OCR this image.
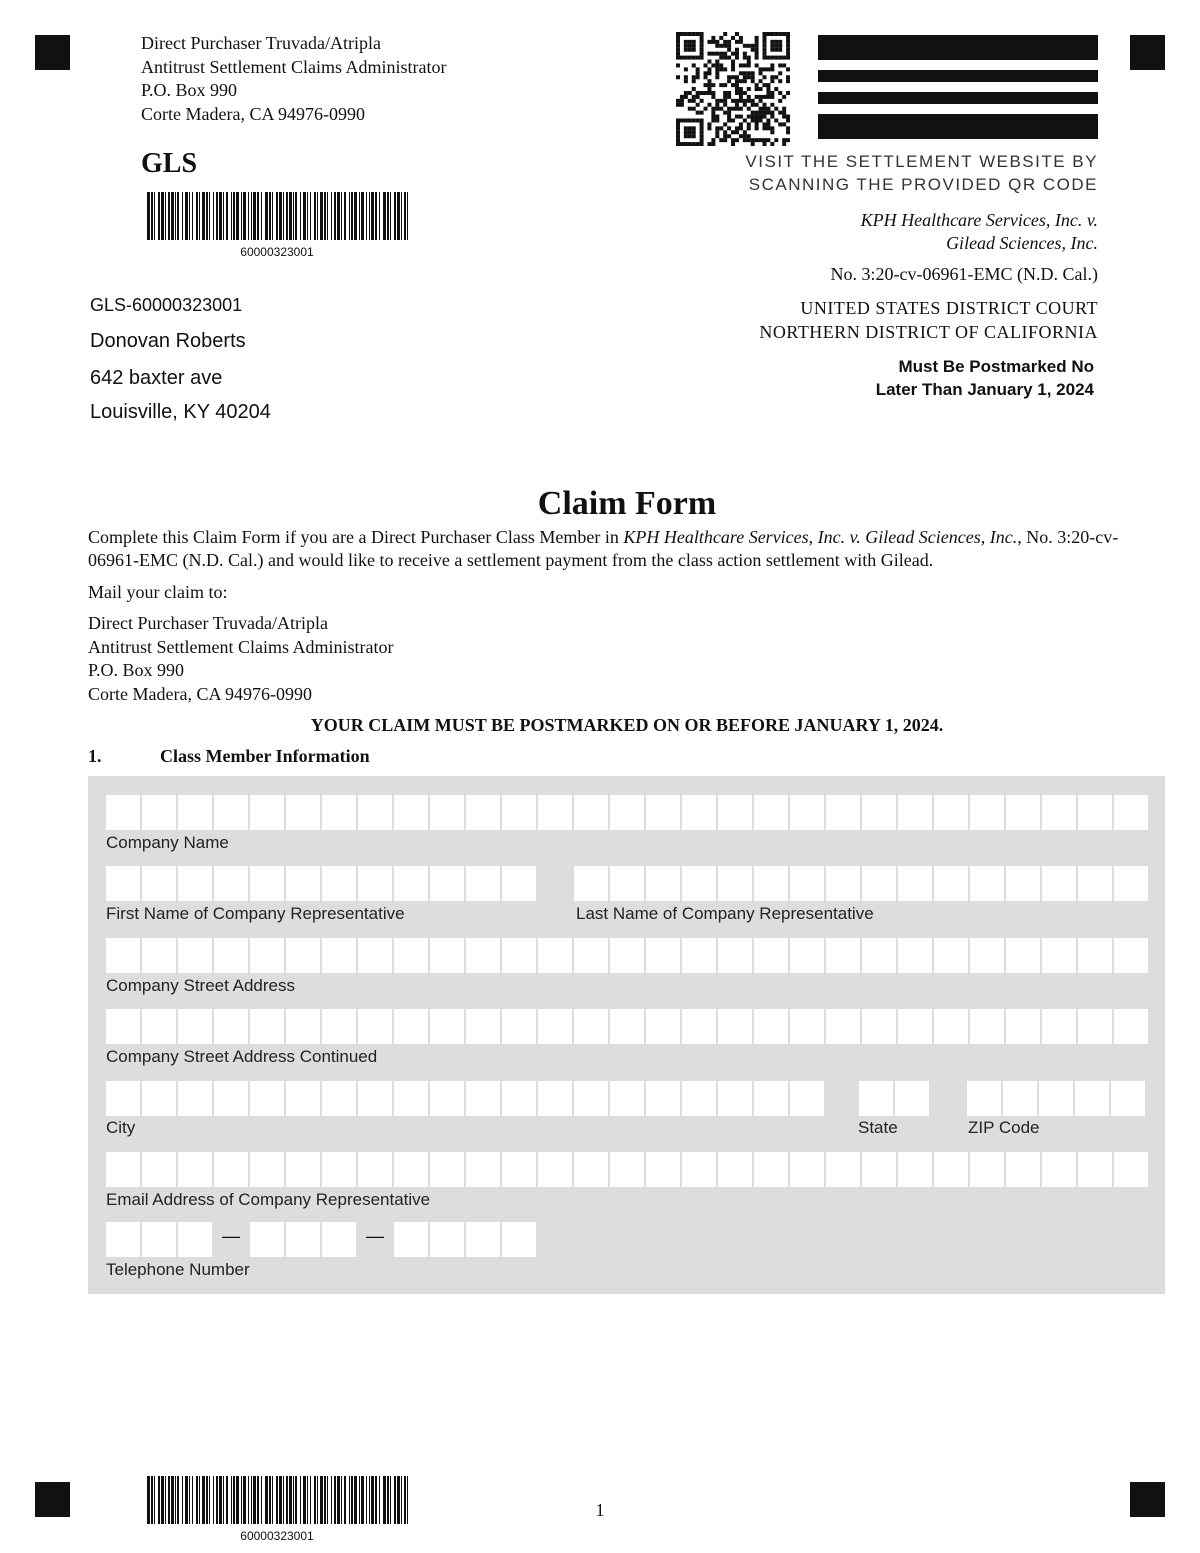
Direct Purchaser Truvada/Atripla
Antitrust Settlement Claims Administrator
P.O. Box 990
Corte Madera, CA 94976-0990
GLS
60000323001
VISIT THE SETTLEMENT WEBSITE BY
SCANNING THE PROVIDED QR CODE
KPH Healthcare Services, Inc. v.
Gilead Sciences, Inc.
No. 3:20-cv-06961-EMC (N.D. Cal.)
UNITED STATES DISTRICT COURT
NORTHERN DISTRICT OF CALIFORNIA
Must Be Postmarked No
Later Than January 1, 2024
GLS-60000323001
Donovan Roberts
642 baxter ave
Louisville, KY 40204
Claim Form
Complete this Claim Form if you are a Direct Purchaser Class Member in KPH Healthcare Services, Inc. v. Gilead Sciences, Inc., No. 3:20-cv-06961-EMC (N.D. Cal.) and would like to receive a settlement payment from the class action settlement with Gilead.
Mail your claim to:
Direct Purchaser Truvada/Atripla
Antitrust Settlement Claims Administrator
P.O. Box 990
Corte Madera, CA 94976-0990
YOUR CLAIM MUST BE POSTMARKED ON OR BEFORE JANUARY 1, 2024.
1.	Class Member Information
Company Name
First Name of Company Representative	Last Name of Company Representative
Company Street Address
Company Street Address Continued
City	State	ZIP Code
Email Address of Company Representative
—	—
Telephone Number
60000323001
1
